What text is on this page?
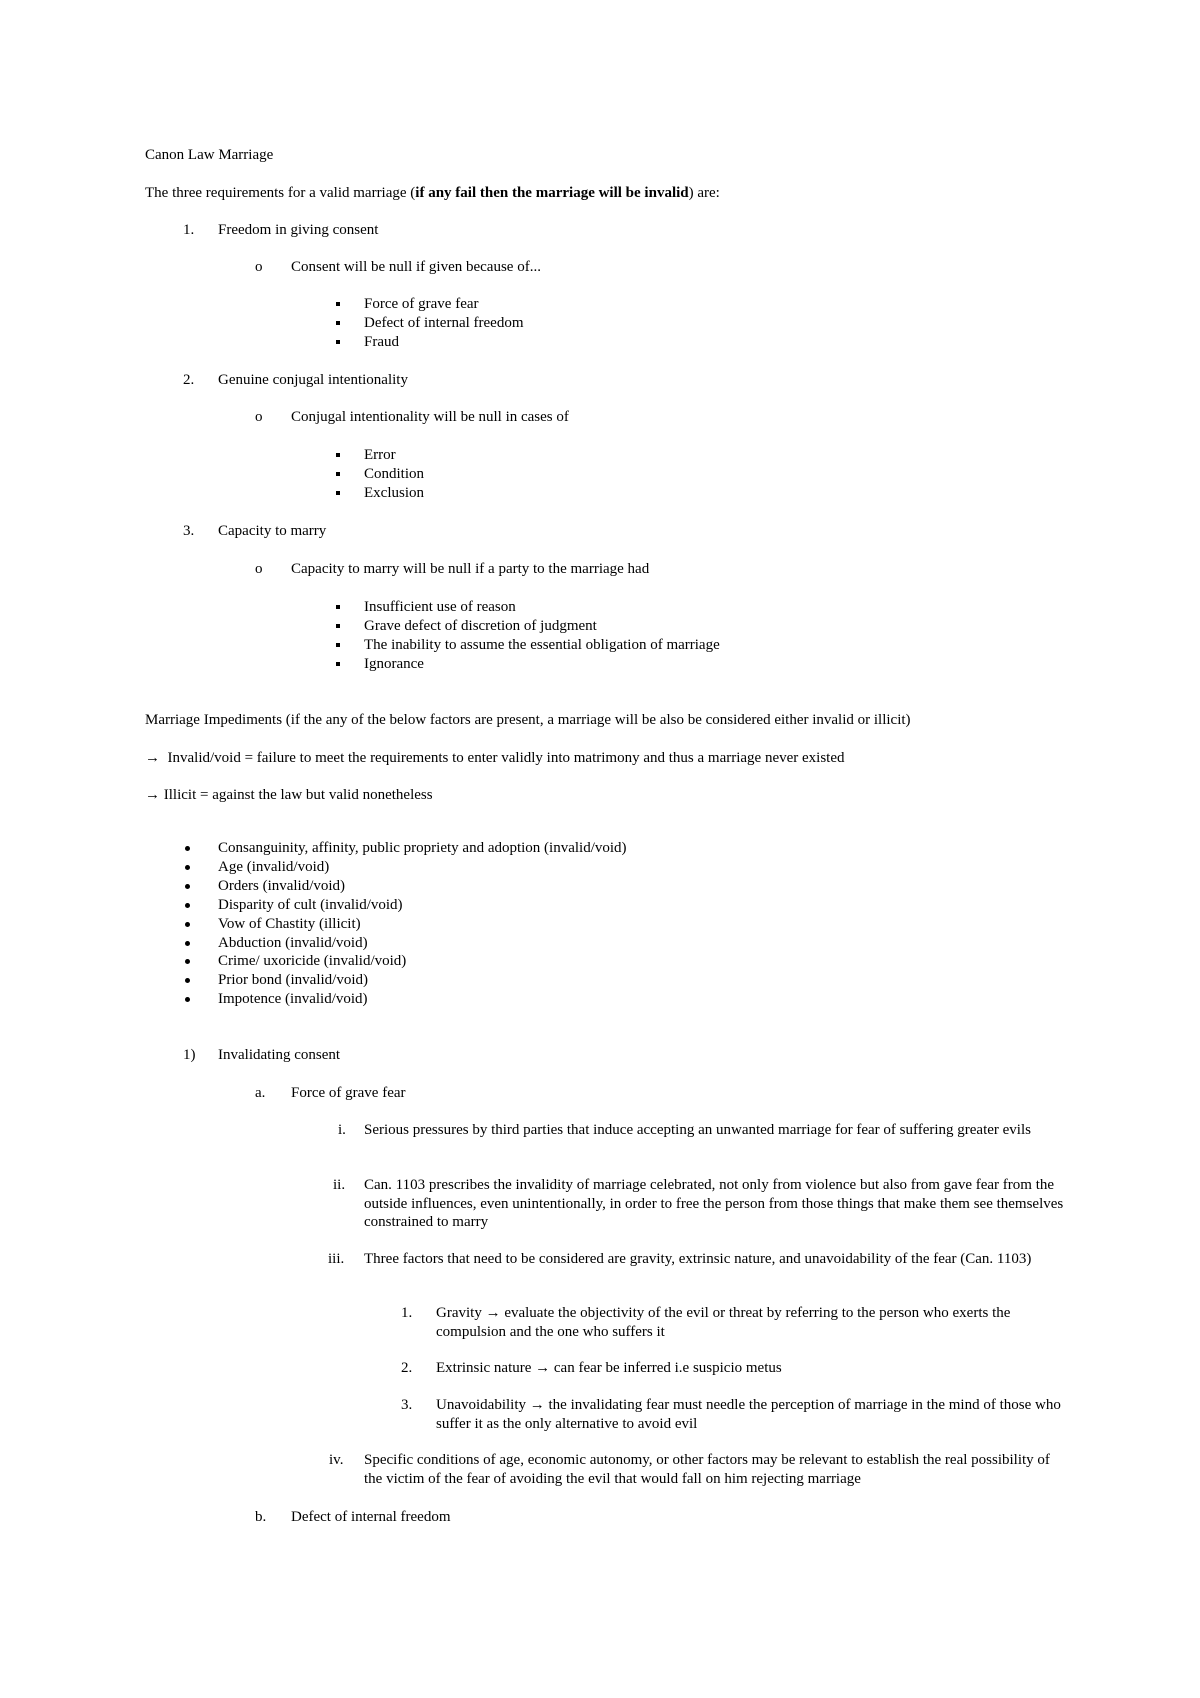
Canon Law Marriage
The three requirements for a valid marriage (if any fail then the marriage will be invalid) are:
1. Freedom in giving consent
o Consent will be null if given because of...
Force of grave fear
Defect of internal freedom
Fraud
2. Genuine conjugal intentionality
o Conjugal intentionality will be null in cases of
Error
Condition
Exclusion
3. Capacity to marry
o Capacity to marry will be null if a party to the marriage had
Insufficient use of reason
Grave defect of discretion of judgment
The inability to assume the essential obligation of marriage
Ignorance
Marriage Impediments (if the any of the below factors are present, a marriage will be also be considered either invalid or illicit)
→ Invalid/void = failure to meet the requirements to enter validly into matrimony and thus a marriage never existed
→ Illicit = against the law but valid nonetheless
Consanguinity, affinity, public propriety and adoption (invalid/void)
Age (invalid/void)
Orders (invalid/void)
Disparity of cult (invalid/void)
Vow of Chastity (illicit)
Abduction (invalid/void)
Crime/ uxoricide (invalid/void)
Prior bond (invalid/void)
Impotence (invalid/void)
1) Invalidating consent
a. Force of grave fear
i. Serious pressures by third parties that induce accepting an unwanted marriage for fear of suffering greater evils
ii. Can. 1103 prescribes the invalidity of marriage celebrated, not only from violence but also from gave fear from the outside influences, even unintentionally, in order to free the person from those things that make them see themselves constrained to marry
iii. Three factors that need to be considered are gravity, extrinsic nature, and unavoidability of the fear (Can. 1103)
1. Gravity → evaluate the objectivity of the evil or threat by referring to the person who exerts the compulsion and the one who suffers it
2. Extrinsic nature → can fear be inferred i.e suspicio metus
3. Unavoidability → the invalidating fear must needle the perception of marriage in the mind of those who suffer it as the only alternative to avoid evil
iv. Specific conditions of age, economic autonomy, or other factors may be relevant to establish the real possibility of the victim of the fear of avoiding the evil that would fall on him rejecting marriage
b. Defect of internal freedom
